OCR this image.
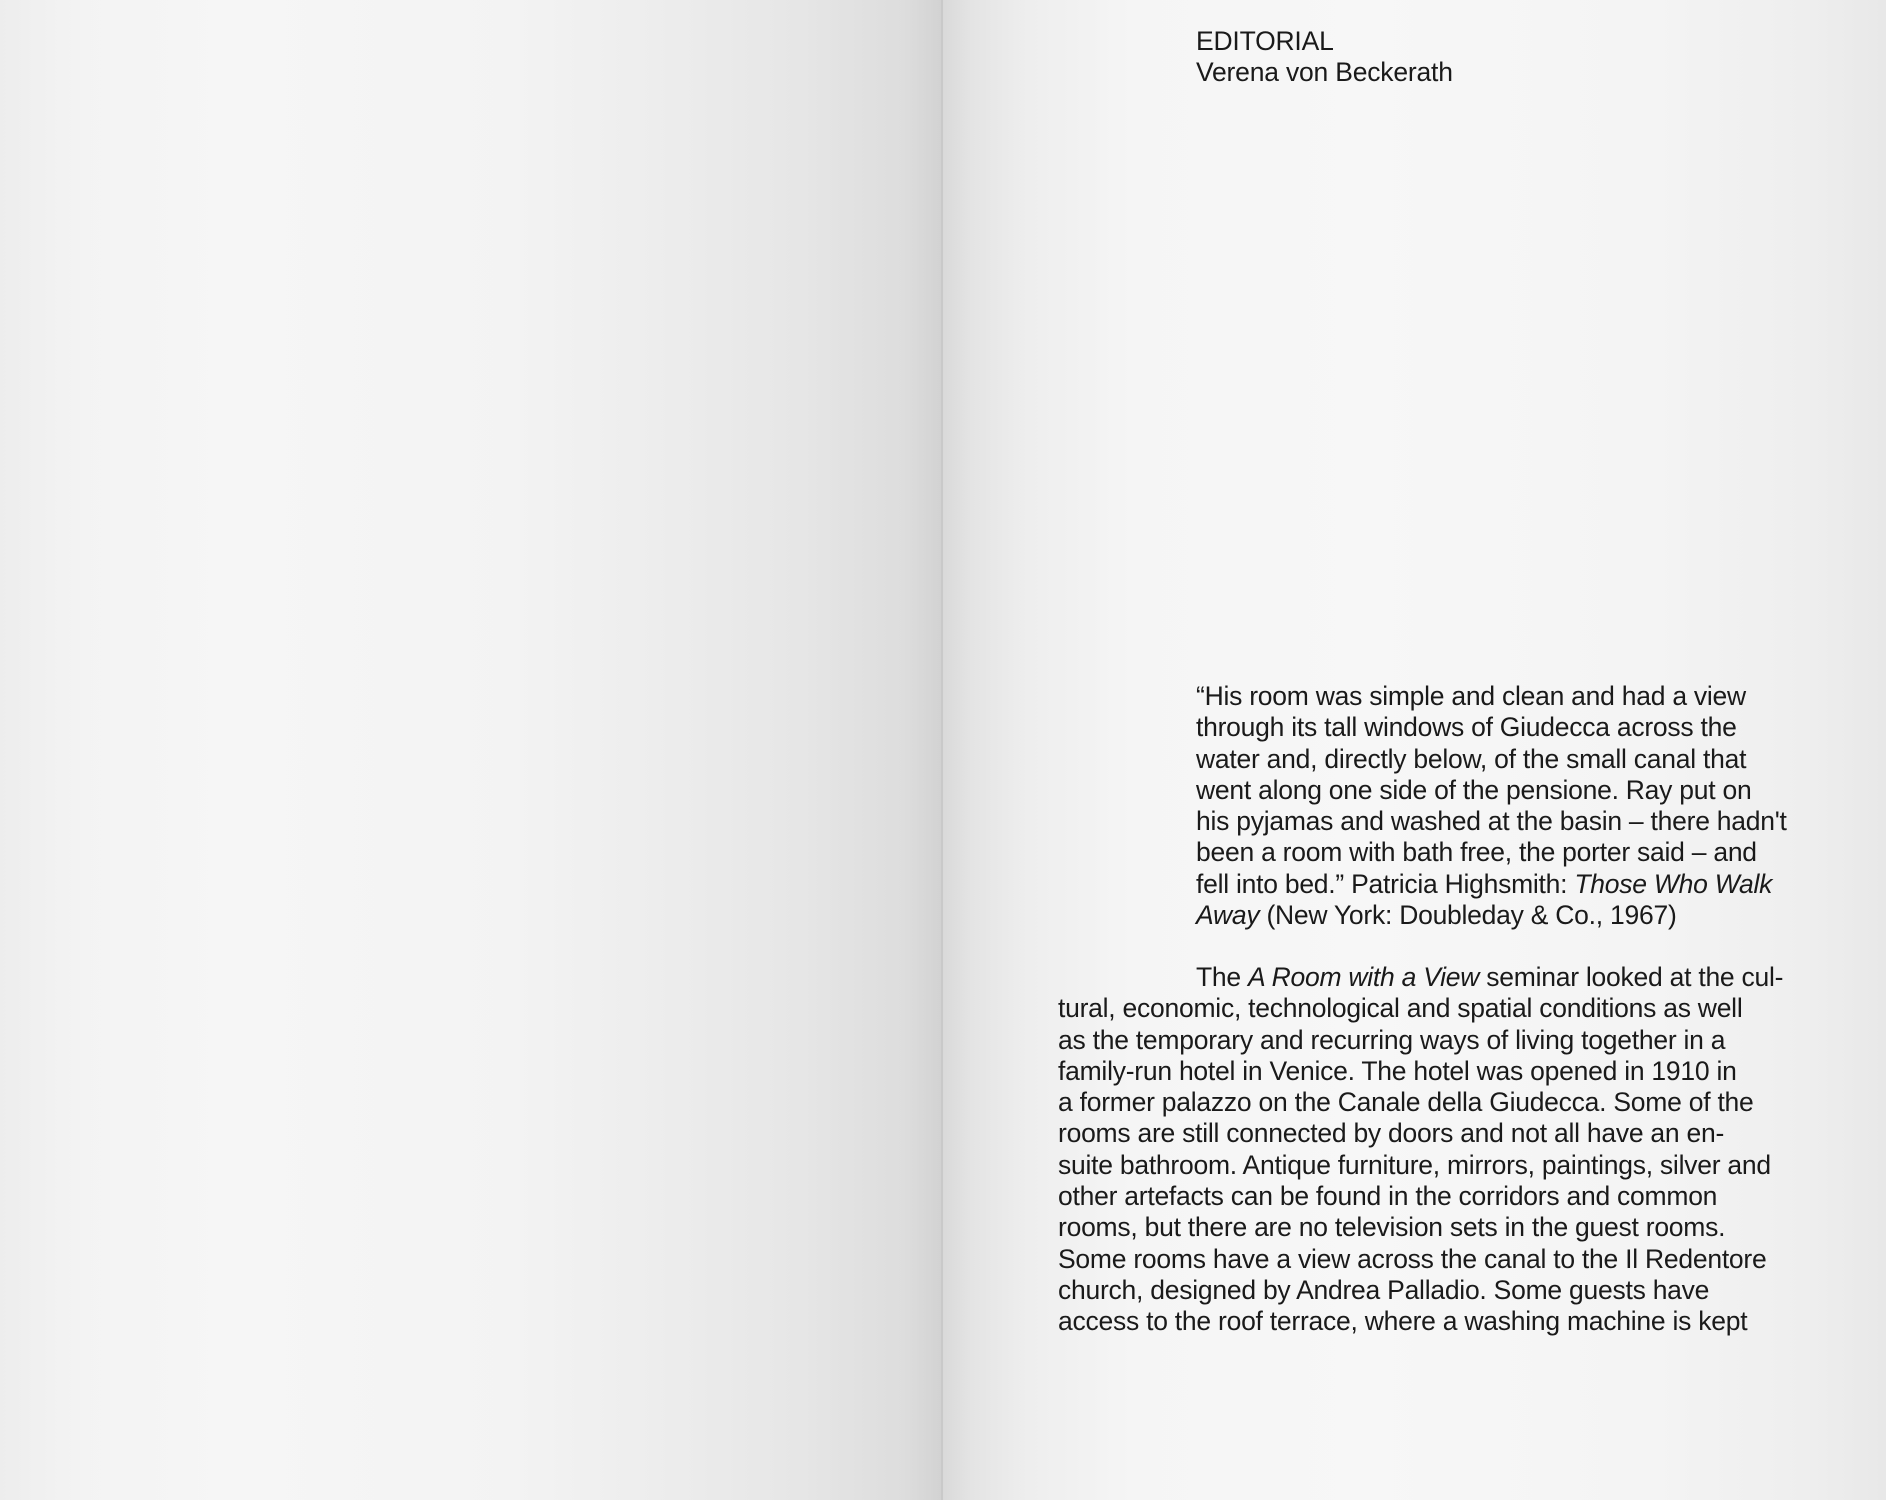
EDITORIAL
Verena von Beckerath
“His room was simple and clean and had a view
through its tall windows of Giudecca across the
water and, directly below, of the small canal that
went along one side of the pensione. Ray put on
his pyjamas and washed at the basin – there hadn't
been a room with bath free, the porter said – and
fell into bed.” Patricia Highsmith: Those Who Walk
Away (New York: Doubleday & Co., 1967)
The A Room with a View seminar looked at the cul-
tural, economic, technological and spatial conditions as well
as the temporary and recurring ways of living together in a
family-run hotel in Venice. The hotel was opened in 1910 in
a former palazzo on the Canale della Giudecca. Some of the
rooms are still connected by doors and not all have an en-
suite bathroom. Antique furniture, mirrors, paintings, silver and
other artefacts can be found in the corridors and common
rooms, but there are no television sets in the guest rooms.
Some rooms have a view across the canal to the Il Redentore
church, designed by Andrea Palladio. Some guests have
access to the roof terrace, where a washing machine is kept
